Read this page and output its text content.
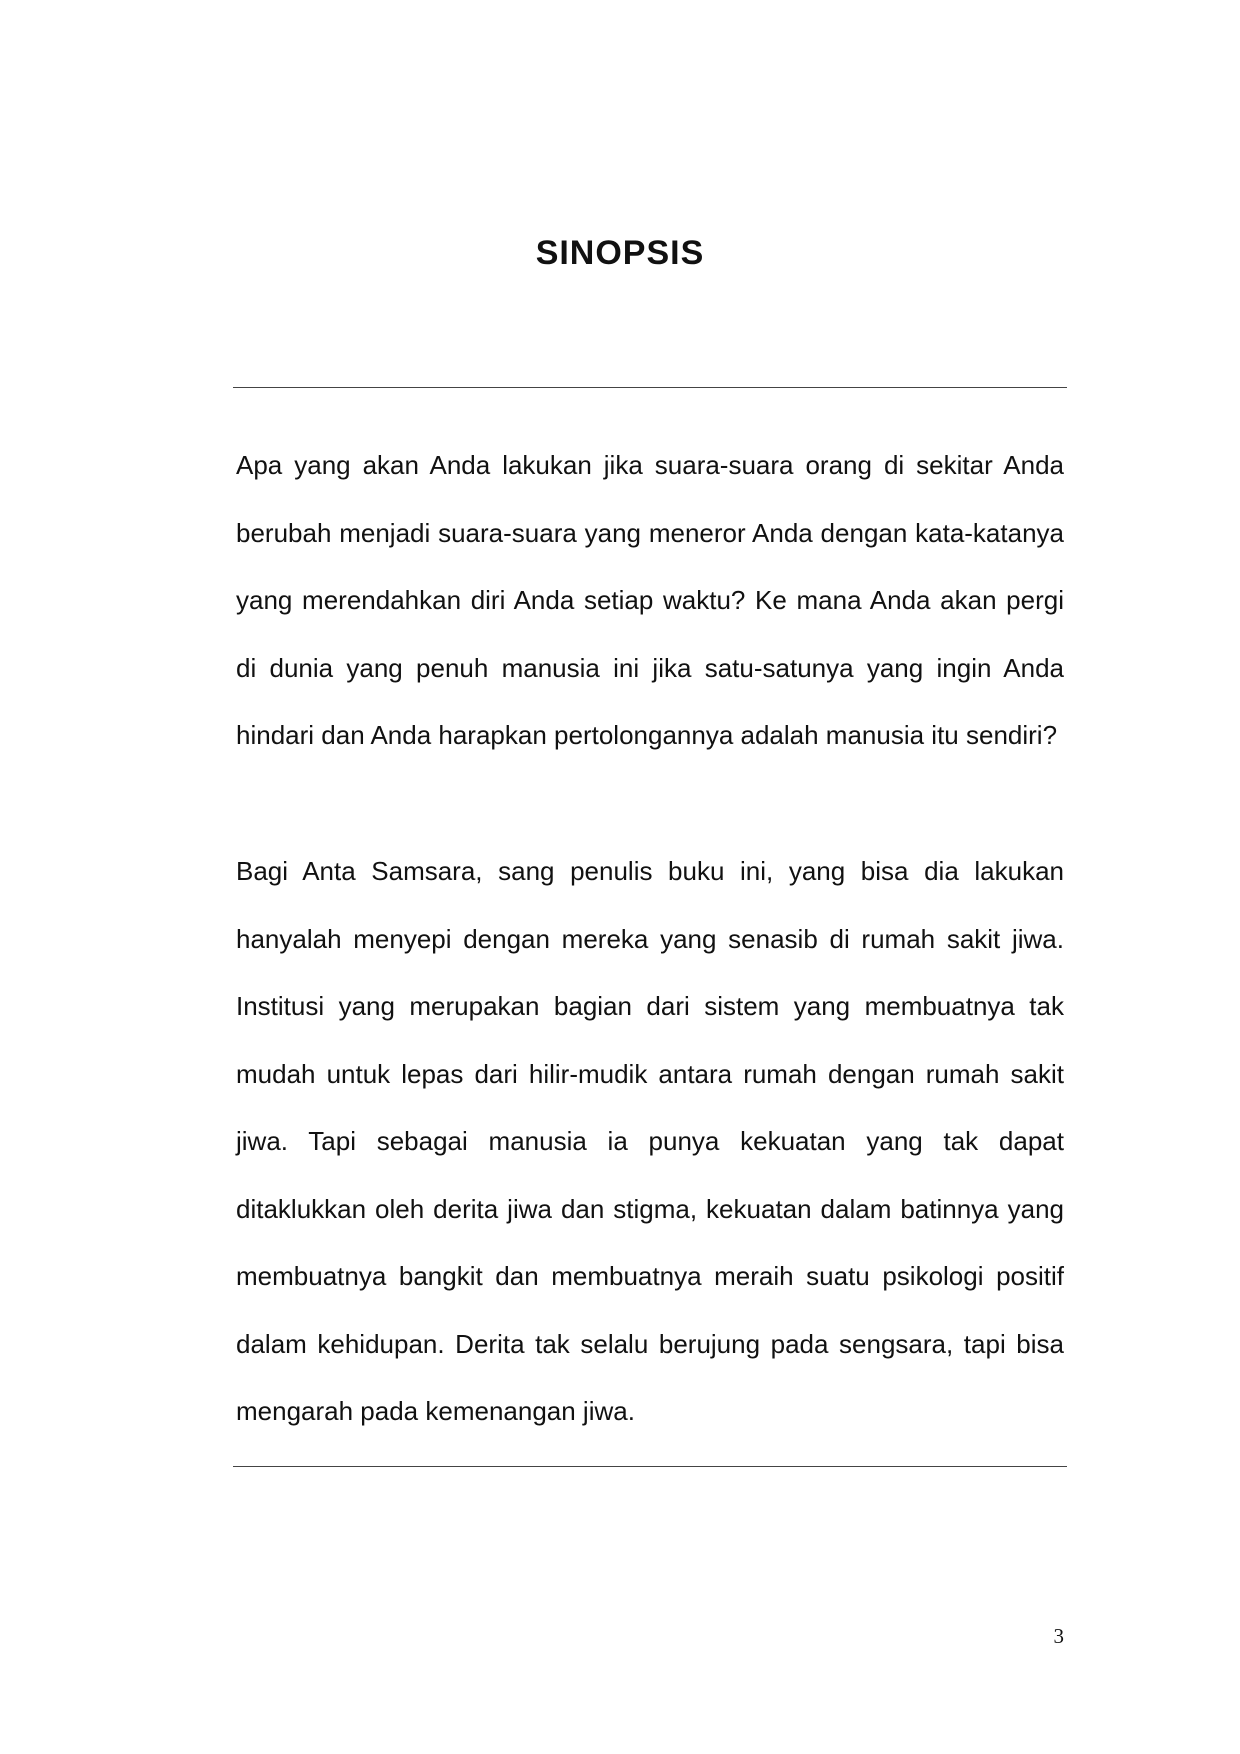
SINOPSIS

Apa yang akan Anda lakukan jika suara-suara orang di sekitar Anda berubah menjadi suara-suara yang meneror Anda dengan kata-katanya yang merendahkan diri Anda setiap waktu? Ke mana Anda akan pergi di dunia yang penuh manusia ini jika satu-satunya yang ingin Anda hindari dan Anda harapkan pertolongannya adalah manusia itu sendiri?

Bagi Anta Samsara, sang penulis buku ini, yang bisa dia lakukan hanyalah menyepi dengan mereka yang senasib di rumah sakit jiwa. Institusi yang merupakan bagian dari sistem yang membuatnya tak mudah untuk lepas dari hilir-mudik antara rumah dengan rumah sakit jiwa. Tapi sebagai manusia ia punya kekuatan yang tak dapat ditaklukkan oleh derita jiwa dan stigma, kekuatan dalam batinnya yang membuatnya bangkit dan membuatnya meraih suatu psikologi positif dalam kehidupan. Derita tak selalu berujung pada sengsara, tapi bisa mengarah pada kemenangan jiwa.

3
